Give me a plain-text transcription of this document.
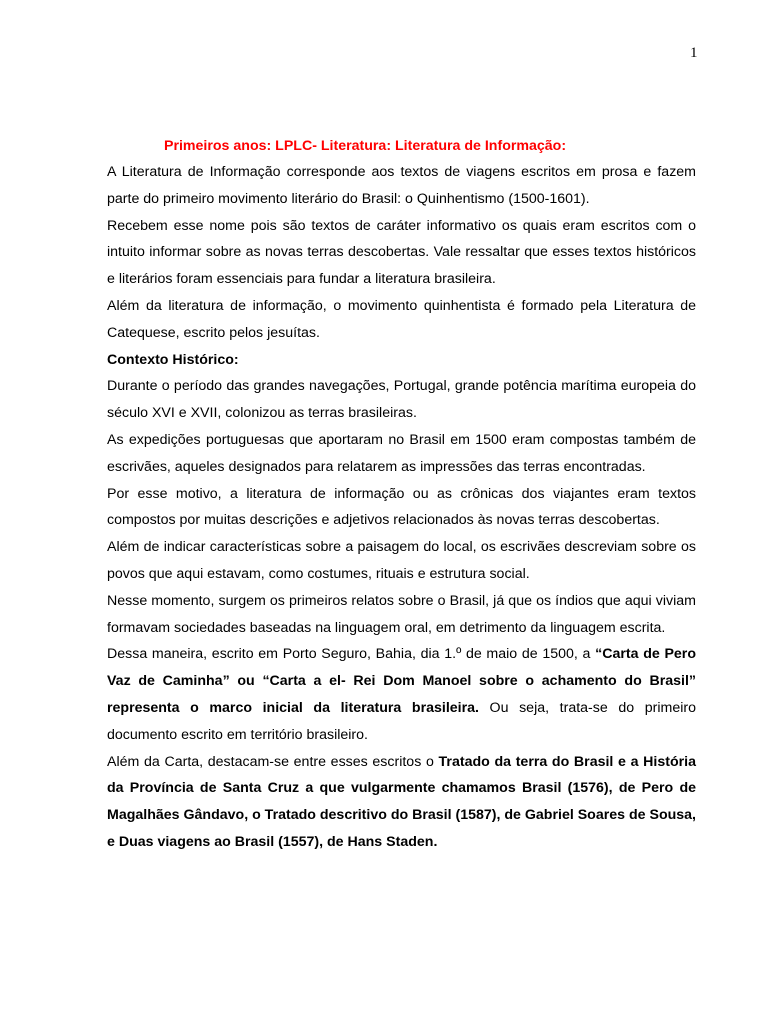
1
Primeiros anos: LPLC- Literatura: Literatura de Informação:

A Literatura de Informação corresponde aos textos de viagens escritos em prosa e fazem parte do primeiro movimento literário do Brasil: o Quinhentismo (1500-1601).

Recebem esse nome pois são textos de caráter informativo os quais eram escritos com o intuito informar sobre as novas terras descobertas. Vale ressaltar que esses textos históricos e literários foram essenciais para fundar a literatura brasileira.

Além da literatura de informação, o movimento quinhentista é formado pela Literatura de Catequese, escrito pelos jesuítas.

Contexto Histórico:

Durante o período das grandes navegações, Portugal, grande potência marítima europeia do século XVI e XVII, colonizou as terras brasileiras.

As expedições portuguesas que aportaram no Brasil em 1500 eram compostas também de escrivães, aqueles designados para relatarem as impressões das terras encontradas.

Por esse motivo, a literatura de informação ou as crônicas dos viajantes eram textos compostos por muitas descrições e adjetivos relacionados às novas terras descobertas.

Além de indicar características sobre a paisagem do local, os escrivães descreviam sobre os povos que aqui estavam, como costumes, rituais e estrutura social.

Nesse momento, surgem os primeiros relatos sobre o Brasil, já que os índios que aqui viviam formavam sociedades baseadas na linguagem oral, em detrimento da linguagem escrita.

Dessa maneira, escrito em Porto Seguro, Bahia, dia 1.º de maio de 1500, a “Carta de Pero Vaz de Caminha” ou “Carta a el- Rei Dom Manoel sobre o achamento do Brasil” representa o marco inicial da literatura brasileira. Ou seja, trata-se do primeiro documento escrito em território brasileiro.

Além da Carta, destacam-se entre esses escritos o Tratado da terra do Brasil e a História da Província de Santa Cruz a que vulgarmente chamamos Brasil (1576), de Pero de Magalhães Gândavo, o Tratado descritivo do Brasil (1587), de Gabriel Soares de Sousa, e Duas viagens ao Brasil (1557), de Hans Staden.
